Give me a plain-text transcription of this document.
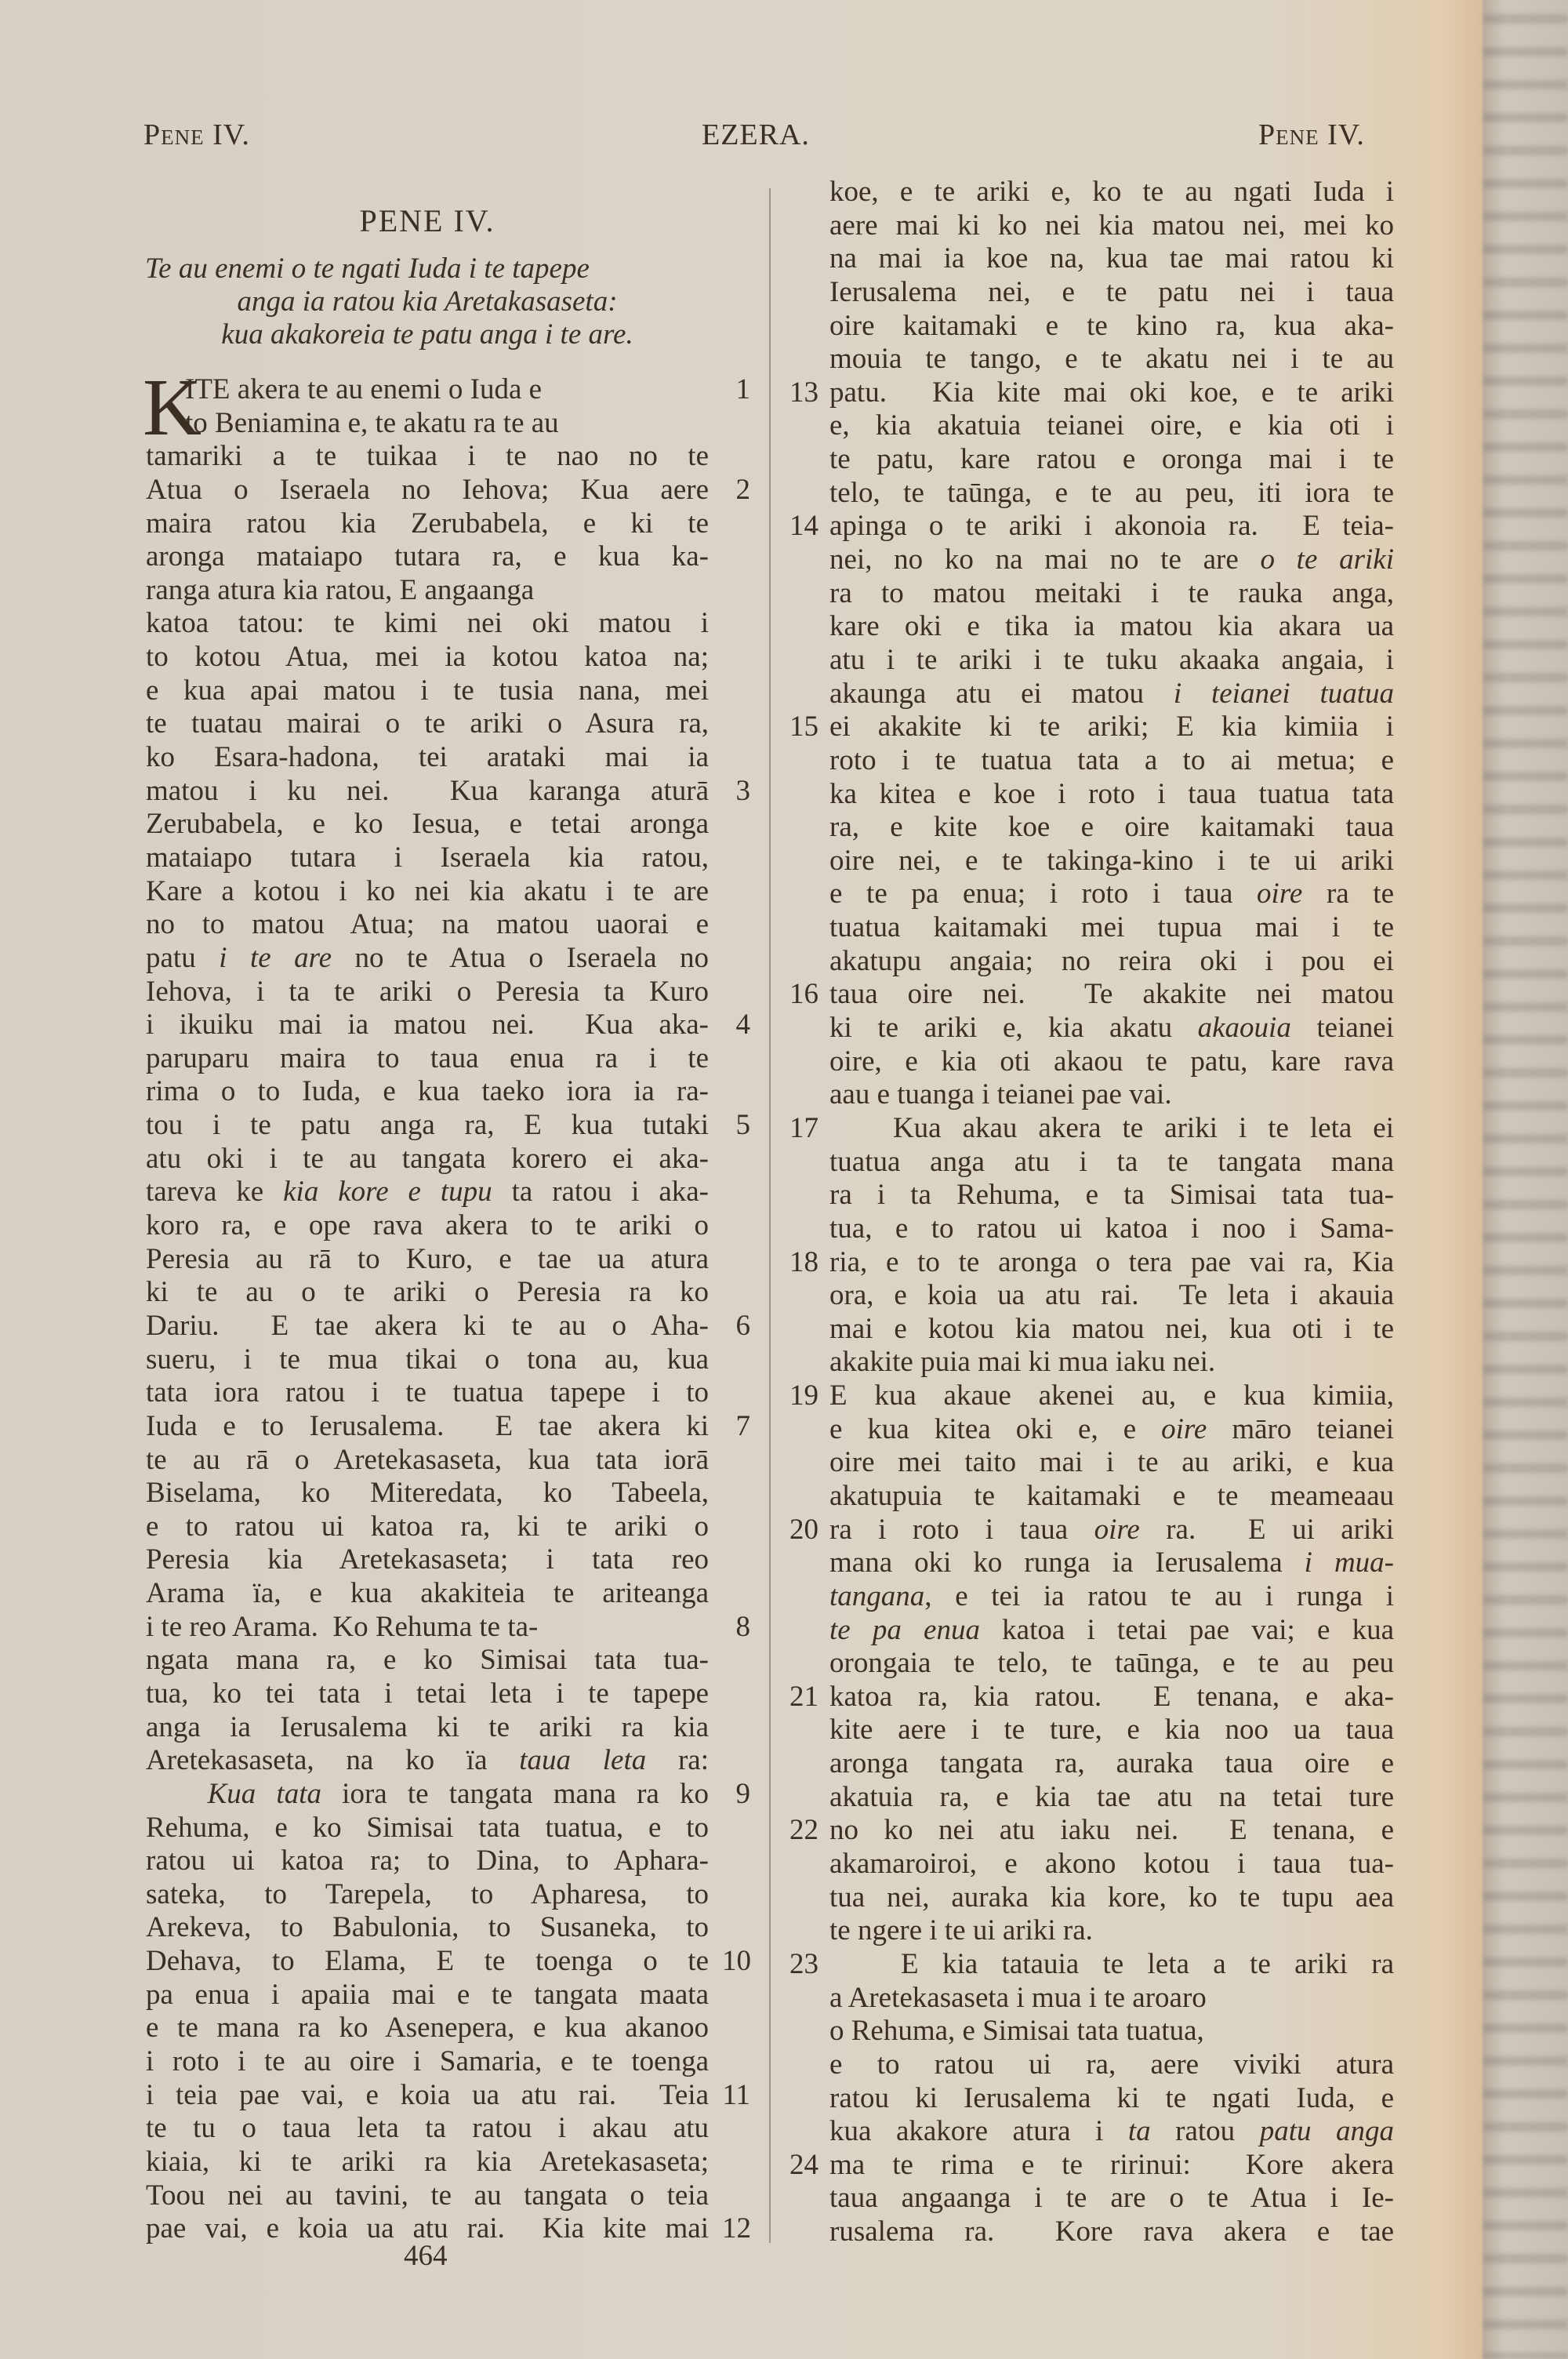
Pene IV.	EZERA.	Pene IV.
PENE IV.
Te au enemi o te ngati Iuda i te tapepe
anga ia ratou kia Aretakasaseta:
kua akakoreia te patu anga i te are.
K	1
ITE akera te au enemi o Iuda e
to Beniamina e, te akatu ra te au
tamariki a te tuikaa i te nao no te
2
Atua o Iseraela no Iehova; Kua aere
maira ratou kia Zerubabela, e ki te
aronga mataiapo tutara ra, e kua ka-
ranga atura kia ratou, E angaanga
katoa tatou: te kimi nei oki matou i
to kotou Atua, mei ia kotou katoa na;
e kua apai matou i te tusia nana, mei
te tuatau mairai o te ariki o Asura ra,
ko Esara-hadona, tei arataki mai ia
3
matou i ku nei.  Kua karanga aturā
Zerubabela, e ko Iesua, e tetai aronga
mataiapo tutara i Iseraela kia ratou,
Kare a kotou i ko nei kia akatu i te are
no to matou Atua; na matou uaorai e
patu i te are no te Atua o Iseraela no
Iehova, i ta te ariki o Peresia ta Kuro
4
i ikuiku mai ia matou nei.  Kua aka-
paruparu maira to taua enua ra i te
rima o to Iuda, e kua taeko iora ia ra-
5
tou i te patu anga ra, E kua tutaki
atu oki i te au tangata korero ei aka-
tareva ke kia kore e tupu ta ratou i aka-
koro ra, e ope rava akera to te ariki o
Peresia au rā to Kuro, e tae ua atura
ki te au o te ariki o Peresia ra ko
6
Dariu.  E tae akera ki te au o Aha-
sueru, i te mua tikai o tona au, kua
tata iora ratou i te tuatua tapepe i to
7
Iuda e to Ierusalema.  E tae akera ki
te au rā o Aretekasaseta, kua tata iorā
Biselama, ko Miteredata, ko Tabeela,
e to ratou ui katoa ra, ki te ariki o
Peresia kia Aretekasaseta; i tata reo
Arama ïa, e kua akakiteia te ariteanga
8
i te reo Arama.  Ko Rehuma te ta-
ngata mana ra, e ko Simisai tata tua-
tua, ko tei tata i tetai leta i te tapepe
anga ia Ierusalema ki te ariki ra kia
Aretekasaseta, na ko ïa taua leta ra:
9
Kua tata iora te tangata mana ra ko
Rehuma, e ko Simisai tata tuatua, e to
ratou ui katoa ra; to Dina, to Aphara-
sateka, to Tarepela, to Apharesa, to
Arekeva, to Babulonia, to Susaneka, to
10
Dehava, to Elama, E te toenga o te
pa enua i apaiia mai e te tangata maata
e te mana ra ko Asenepera, e kua akanoo
i roto i te au oire i Samaria, e te toenga
11
i teia pae vai, e koia ua atu rai.  Teia
te tu o taua leta ta ratou i akau atu
kiaia, ki te ariki ra kia Aretekasaseta;
Toou nei au tavini, te au tangata o teia
12
pae vai, e koia ua atu rai.  Kia kite mai
koe, e te ariki e, ko te au ngati Iuda i
aere mai ki ko nei kia matou nei, mei ko
na mai ia koe na, kua tae mai ratou ki
Ierusalema nei, e te patu nei i taua
oire kaitamaki e te kino ra, kua aka-
mouia te tango, e te akatu nei i te au
13 patu.  Kia kite mai oki koe, e te ariki
e, kia akatuia teianei oire, e kia oti i
te patu, kare ratou e oronga mai i te
telo, te taūnga, e te au peu, iti iora te
14 apinga o te ariki i akonoia ra.  E teia-
nei, no ko na mai no te are o te ariki
ra to matou meitaki i te rauka anga,
kare oki e tika ia matou kia akara ua
atu i te ariki i te tuku akaaka angaia, i
akaunga atu ei matou i teianei tuatua
15 ei akakite ki te ariki; E kia kimiia i
roto i te tuatua tata a to ai metua; e
ka kitea e koe i roto i taua tuatua tata
ra, e kite koe e oire kaitamaki taua
oire nei, e te takinga-kino i te ui ariki
e te pa enua; i roto i taua oire ra te
tuatua kaitamaki mei tupua mai i te
akatupu angaia; no reira oki i pou ei
16 taua oire nei.  Te akakite nei matou
ki te ariki e, kia akatu akaouia teianei
oire, e kia oti akaou te patu, kare rava
aau e tuanga i teianei pae vai.
17 Kua akau akera te ariki i te leta ei
tuatua anga atu i ta te tangata mana
ra i ta Rehuma, e ta Simisai tata tua-
tua, e to ratou ui katoa i noo i Sama-
18 ria, e to te aronga o tera pae vai ra, Kia
ora, e koia ua atu rai.  Te leta i akauia
mai e kotou kia matou nei, kua oti i te
akakite puia mai ki mua iaku nei.
19 E kua akaue akenei au, e kua kimiia,
e kua kitea oki e, e oire māro teianei
oire mei taito mai i te au ariki, e kua
akatupuia te kaitamaki e te meameaau
20 ra i roto i taua oire ra.  E ui ariki
mana oki ko runga ia Ierusalema i mua-
tangana, e tei ia ratou te au i runga i
te pa enua katoa i tetai pae vai; e kua
orongaia te telo, te taūnga, e te au peu
21 katoa ra, kia ratou.  E tenana, e aka-
kite aere i te ture, e kia noo ua taua
aronga tangata ra, auraka taua oire e
akatuia ra, e kia tae atu na tetai ture
22 no ko nei atu iaku nei.  E tenana, e
akamaroiroi, e akono kotou i taua tua-
tua nei, auraka kia kore, ko te tupu aea
te ngere i te ui ariki ra.
23 E kia tatauia te leta a te ariki ra
a Aretekasaseta i mua i te aroaro
o Rehuma, e Simisai tata tuatua,
e to ratou ui ra, aere viviki atura
ratou ki Ierusalema ki te ngati Iuda, e
kua akakore atura i ta ratou patu anga
24 ma te rima e te ririnui:  Kore akera
taua angaanga i te are o te Atua i Ie-
rusalema ra.  Kore rava akera e tae
464
